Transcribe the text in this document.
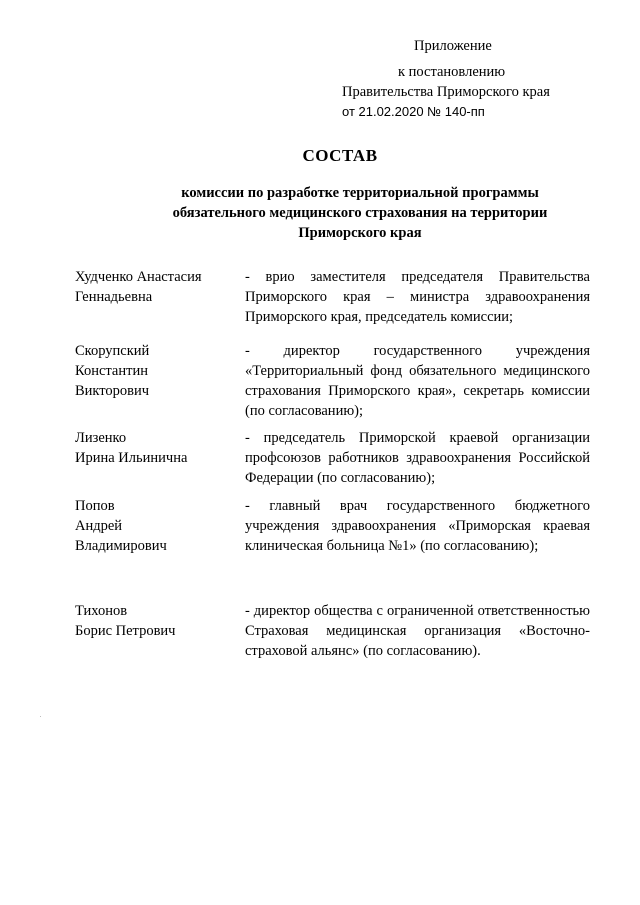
Приложение
к постановлению
Правительства Приморского края
от 21.02.2020 № 140-пп
СОСТАВ
комиссии по разработке территориальной программы
обязательного медицинского страхования на территории
Приморского края
Худченко Анастасия
Геннадьевна
- врио заместителя председателя Правительства Приморского края – министра здравоохранения Приморского края, председатель комиссии;
Скорупский
Константин
Викторович
- директор государственного учреждения «Территориальный фонд обязательного медицинского страхования Приморского края», секретарь комиссии (по согласованию);
Лизенко
Ирина Ильинична
- председатель Приморской краевой организации профсоюзов работников здравоохранения Российской Федерации (по согласованию);
Попов
Андрей
Владимирович
- главный врач государственного бюджетного учреждения здравоохранения «Приморская краевая клиническая больница №1» (по согласованию);
Тихонов
Борис Петрович
- директор общества с ограниченной ответственностью Страховая медицинская организация «Восточно-страховой альянс» (по согласованию).
